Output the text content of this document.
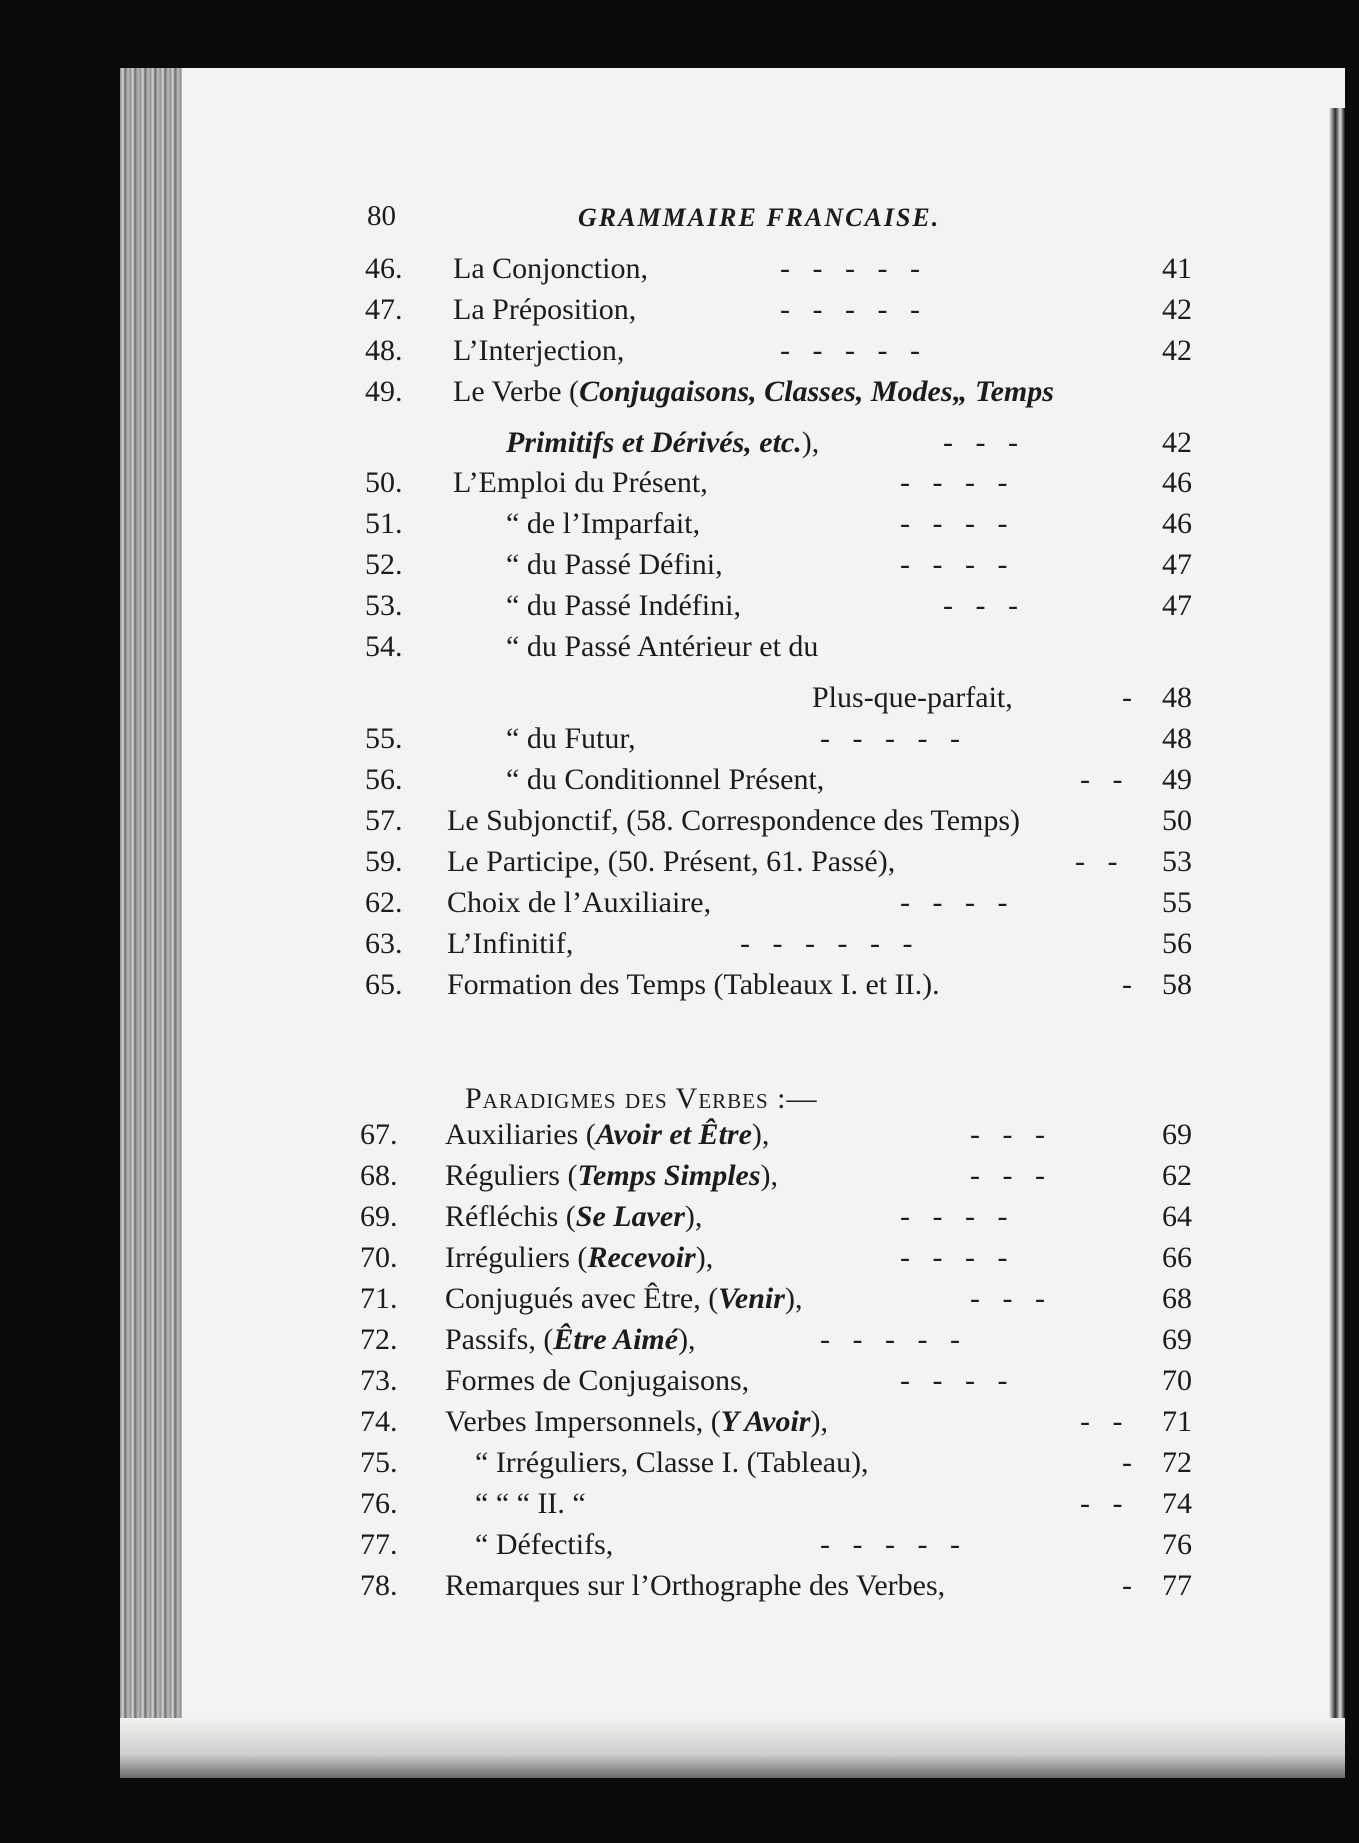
80	GRAMMAIRE FRANCAISE.
46.	La Conjonction,	-   -   -   -   -	41
47.	La Préposition,	-   -   -   -   -	42
48.	L’Interjection,	-   -   -   -   -	42
49.	Le Verbe (Conjugaisons, Classes, Modes„ Temps
Primitifs et Dérivés, etc.),	-   -   -	42
50.	L’Emploi du Présent,	-   -   -   -	46
51.	“ de l’Imparfait,	-   -   -   -	46
52.	“ du Passé Défini,	-   -   -   -	47
53.	“ du Passé Indéfini,	-   -   -	47
54.	“ du Passé Antérieur et du
Plus-que-parfait,	- 48
55.	“ du Futur,	-   -   -   -   -	48
56.	“ du Conditionnel Présent,	-   - 49
57.	Le Subjonctif, (58. Correspondence des Temps)	50
59.	Le Participe, (50. Présent, 61. Passé),	-   - 53
62.	Choix de l’Auxiliaire,	-   -   -   -	55
63.	L’Infinitif,	-   -   -   -   -   -	56
65.	Formation des Temps (Tableaux I. et II.).	- 58
67.	Auxiliaries (Avoir et Être),	-   -   -	69
68.	Réguliers (Temps Simples),	-   -   -	62
69.	Réfléchis (Se Laver),	-   -   -   -	64
70.	Irréguliers (Recevoir),	-   -   -   -	66
71.	Conjugués avec Être, (Venir),	-   -   -	68
72.	Passifs, (Être Aimé),	-   -   -   -   -	69
73.	Formes de Conjugaisons,	-   -   -   -	70
74.	Verbes Impersonnels, (Y Avoir),	-   - 71
75.	“ Irréguliers, Classe I. (Tableau),	- 72
76.	“ “ “ II. “	-   - 74
77.	“ Défectifs,	-   -   -   -   -	76
78.	Remarques sur l’Orthographe des Verbes,	- 77
Paradigmes des Verbes :—
